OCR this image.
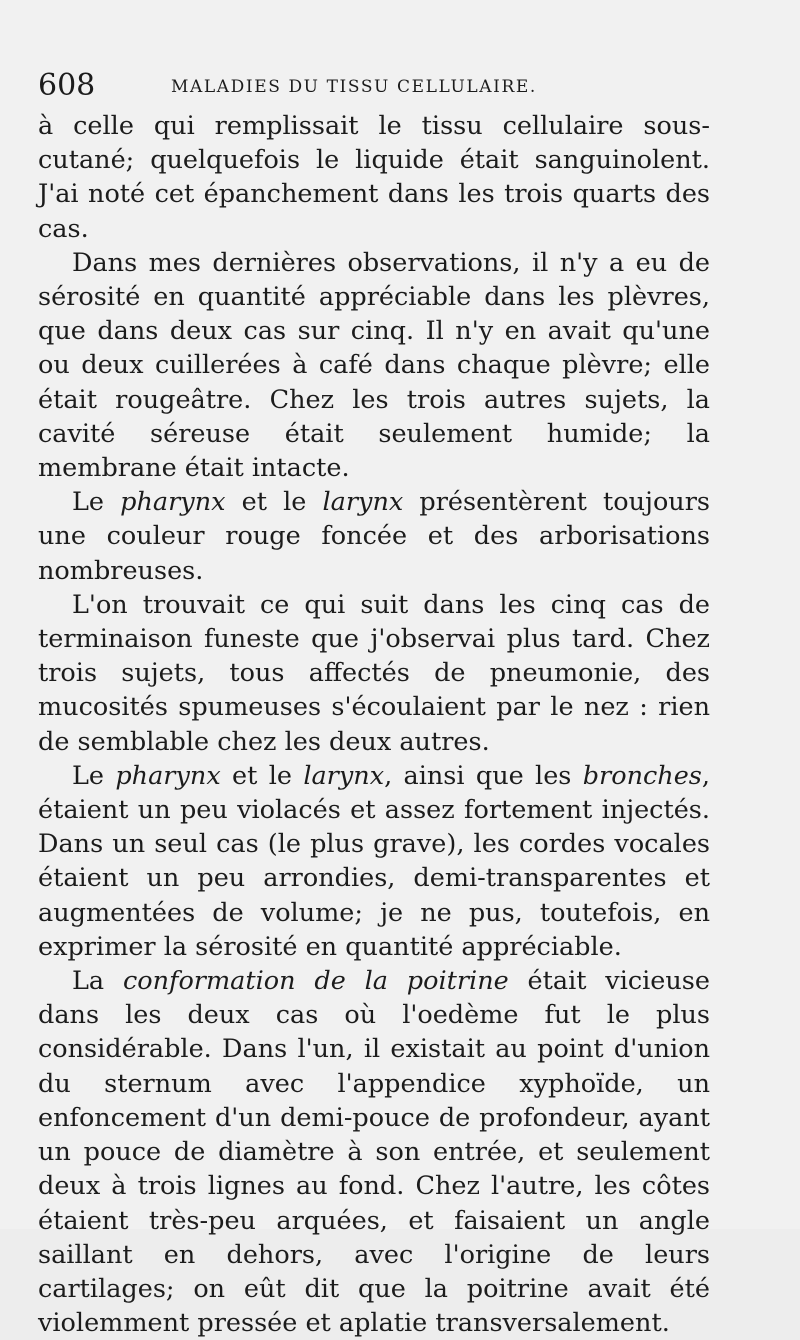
608	MALADIES DU TISSU CELLULAIRE.

à celle qui remplissait le tissu cellulaire sous-cutané; quelquefois le liquide était sanguinolent. J'ai noté cet épanchement dans les trois quarts des cas.

Dans mes dernières observations, il n'y a eu de sérosité en quantité appréciable dans les plèvres, que dans deux cas sur cinq. Il n'y en avait qu'une ou deux cuillerées à café dans chaque plèvre; elle était rougeâtre. Chez les trois autres sujets, la cavité séreuse était seulement humide; la membrane était intacte.

Le pharynx et le larynx présentèrent toujours une couleur rouge foncée et des arborisations nombreuses.

L'on trouvait ce qui suit dans les cinq cas de terminaison funeste que j'observai plus tard. Chez trois sujets, tous affectés de pneumonie, des mucosités spumeuses s'écoulaient par le nez : rien de semblable chez les deux autres.

Le pharynx et le larynx, ainsi que les bronches, étaient un peu violacés et assez fortement injectés. Dans un seul cas (le plus grave), les cordes vocales étaient un peu arrondies, demi-transparentes et augmentées de volume; je ne pus, toutefois, en exprimer la sérosité en quantité appréciable.

La conformation de la poitrine était vicieuse dans les deux cas où l'oedème fut le plus considérable. Dans l'un, il existait au point d'union du sternum avec l'appendice xyphoïde, un enfoncement d'un demi-pouce de profondeur, ayant un pouce de diamètre à son entrée, et seulement deux à trois lignes au fond. Chez l'autre, les côtes étaient très-peu arquées, et faisaient un angle saillant en dehors, avec l'origine de leurs cartilages; on eût dit que la poitrine avait été violemment pressée et aplatie transversalement.
